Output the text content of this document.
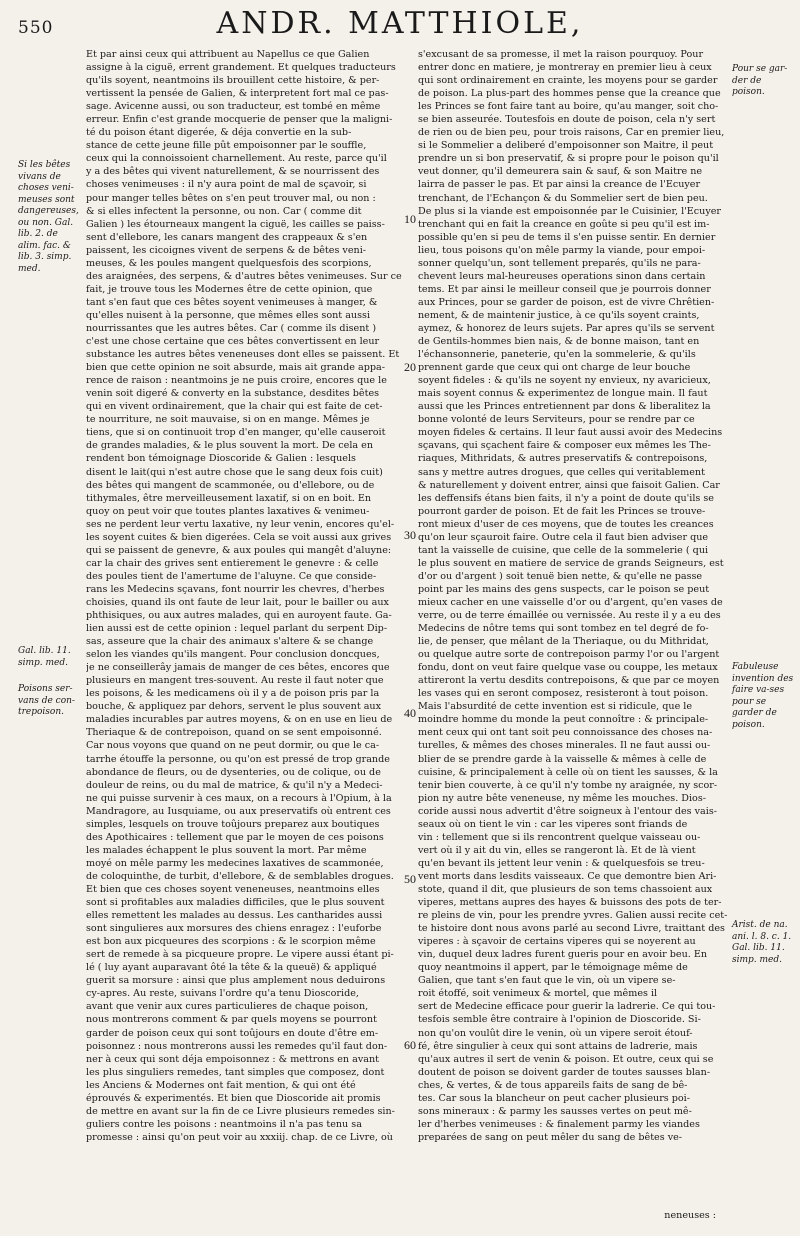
550	ANDR. MATTHIOLE,
Si les bêtes vivans de choses veni-meuses sont dangereuses, ou non. Gal. lib. 2. de alim. fac. & lib. 3. simp. med.
Gal. lib. 11. simp. med.
Poisons ser-vans de con-trepoison.
Pour se gar-der de poison.
Fabuleuse invention des faire va-ses pour se garder de poison.
Arist. de na. ani. l. 8. c. 1. Gal. lib. 11. simp. med.
10
20
30
40
50
60

Et par ainsi ceux qui attribuent au Napellus ce que Galien
assigne à la ciguë, errent grandement. Et quelques traducteurs
qu'ils soyent, neantmoins ils brouillent cette histoire, & per-
vertissent la pensée de Galien, & interpretent fort mal ce pas-
sage. Avicenne aussi, ou son traducteur, est tombé en même
erreur. Enfin c'est grande mocquerie de penser que la maligni-
té du poison étant digerée, & déja convertie en la sub-
stance de cette jeune fille pût empoisonner par le souffle,
ceux qui la connoissoient charnellement. Au reste, parce qu'il
y a des bêtes qui vivent naturellement, & se nourrissent des
choses venimeuses : il n'y aura point de mal de sçavoir, si
pour manger telles bêtes on s'en peut trouver mal, ou non :
& si elles infectent la personne, ou non. Car ( comme dit
Galien ) les étourneaux mangent la ciguë, les cailles se paiss-
sent d'ellebore, les canars mangent des crappeaux & s'en
paissent, les cicoignes vivent de serpens & de bêtes veni-
meuses, & les poules mangent quelquesfois des scorpions,
des araignées, des serpens, & d'autres bêtes venimeuses. Sur ce
fait, je trouve tous les Modernes être de cette opinion, que
tant s'en faut que ces bêtes soyent venimeuses à manger, &
qu'elles nuisent à la personne, que mêmes elles sont aussi
nourrissantes que les autres bêtes. Car ( comme ils disent )
c'est une chose certaine que ces bêtes convertissent en leur
substance les autres bêtes veneneuses dont elles se paissent. Et
bien que cette opinion ne soit absurde, mais ait grande appa-
rence de raison : neantmoins je ne puis croire, encores que le
venin soit digeré & converty en la substance, desdites bêtes
qui en vivent ordinairement, que la chair qui est faite de cet-
te nourriture, ne soit mauvaise, si on en mange. Mêmes je
tiens, que si on continuoit trop d'en manger, qu'elle causeroit
de grandes maladies, & le plus souvent la mort. De cela en
rendent bon témoignage Dioscoride & Galien : lesquels
disent le lait(qui n'est autre chose que le sang deux fois cuit)
des bêtes qui mangent de scammonée, ou d'ellebore, ou de
tithymales, être merveilleusement laxatif, si on en boit. En
quoy on peut voir que toutes plantes laxatives & venimeu-
ses ne perdent leur vertu laxative, ny leur venin, encores qu'el-
les soyent cuites & bien digerées. Cela se voit aussi aux grives
qui se paissent de genevre, & aux poules qui mangêt d'aluyne:
car la chair des grives sent entierement le genevre : & celle
des poules tient de l'amertume de l'aluyne. Ce que conside-
rans les Medecins sçavans, font nourrir les chevres, d'herbes
choisies, quand ils ont faute de leur lait, pour le bailler ou aux
phthisiques, ou aux autres malades, qui en auroyent faute. Ga-
lien aussi est de cette opinion : lequel parlant du serpent Dip-
sas, asseure que la chair des animaux s'altere & se change
selon les viandes qu'ils mangent. Pour conclusion doncques,
je ne conseillerây jamais de manger de ces bêtes, encores que
plusieurs en mangent tres-souvent. Au reste il faut noter que
les poisons, & les medicamens où il y a de poison pris par la
bouche, & appliquez par dehors, servent le plus souvent aux
maladies incurables par autres moyens, & on en use en lieu de
Theriaque & de contrepoison, quand on se sent empoisonné.
Car nous voyons que quand on ne peut dormir, ou que le ca-
tarrhe étouffe la personne, ou qu'on est pressé de trop grande
abondance de fleurs, ou de dysenteries, ou de colique, ou de
douleur de reins, ou du mal de matrice, & qu'il n'y a Medeci-
ne qui puisse survenir à ces maux, on a recours à l'Opium, à la
Mandragore, au Iusquiame, ou aux preservatifs où entrent ces
simples, lesquels on trouve toûjours preparez aux boutiques
des Apothicaires : tellement que par le moyen de ces poisons
les malades échappent le plus souvent la mort. Par même
moyé on mêle parmy les medecines laxatives de scammonée,
de coloquinthe, de turbit, d'ellebore, & de semblables drogues.
Et bien que ces choses soyent veneneuses, neantmoins elles
sont si profitables aux maladies difficiles, que le plus souvent
elles remettent les malades au dessus. Les cantharides aussi
sont singulieres aux morsures des chiens enragez : l'euforbe
est bon aux picqueures des scorpions : & le scorpion même
sert de remede à sa picqueure propre. Le vipere aussi étant pi-
lé ( luy ayant auparavant ôté la tête & la queuë) & appliqué
guerit sa morsure : ainsi que plus amplement nous deduirons
cy-apres. Au reste, suivans l'ordre qu'a tenu Dioscoride,
avant que venir aux cures particulieres de chaque poison,
nous montrerons comment & par quels moyens se pourront
garder de poison ceux qui sont toûjours en doute d'être em-
poisonnez : nous montrerons aussi les remedes qu'il faut don-
ner à ceux qui sont déja empoisonnez : & mettrons en avant
les plus singuliers remedes, tant simples que composez, dont
les Anciens & Modernes ont fait mention, & qui ont été
éprouvés & experimentés. Et bien que Dioscoride ait promis
de mettre en avant sur la fin de ce Livre plusieurs remedes sin-
guliers contre les poisons : neantmoins il n'a pas tenu sa
promesse : ainsi qu'on peut voir au xxxiij. chap. de ce Livre, où

s'excusant de sa promesse, il met la raison pourquoy. Pour
entrer donc en matiere, je montreray en premier lieu à ceux
qui sont ordinairement en crainte, les moyens pour se garder
de poison. La plus-part des hommes pense que la creance que
les Princes se font faire tant au boire, qu'au manger, soit cho-
se bien asseurée. Toutesfois en doute de poison, cela n'y sert
de rien ou de bien peu, pour trois raisons, Car en premier lieu,
si le Sommelier a deliberé d'empoisonner son Maitre, il peut
prendre un si bon preservatif, & si propre pour le poison qu'il
veut donner, qu'il demeurera sain & sauf, & son Maitre ne
lairra de passer le pas. Et par ainsi la creance de l'Ecuyer
trenchant, de l'Echançon & du Sommelier sert de bien peu.
De plus si la viande est empoisonnée par le Cuisinier, l'Ecuyer
trenchant qui en fait la creance en goûte si peu qu'il est im-
possible qu'en si peu de tems il s'en puisse sentir. En dernier
lieu, tous poisons qu'on mêle parmy la viande, pour empoi-
sonner quelqu'un, sont tellement preparés, qu'ils ne para-
chevent leurs mal-heureuses operations sinon dans certain
tems. Et par ainsi le meilleur conseil que je pourrois donner
aux Princes, pour se garder de poison, est de vivre Chrêtien-
nement, & de maintenir justice, à ce qu'ils soyent craints,
aymez, & honorez de leurs sujets. Par apres qu'ils se servent
de Gentils-hommes bien nais, & de bonne maison, tant en
l'échansonnerie, paneterie, qu'en la sommelerie, & qu'ils
prennent garde que ceux qui ont charge de leur bouche
soyent fideles : & qu'ils ne soyent ny envieux, ny avaricieux,
mais soyent connus & experimentez de longue main. Il faut
aussi que les Princes entretiennent par dons & liberalitez la
bonne volonté de leurs Serviteurs, pour se rendre par ce
moyen fideles & certains. Il leur faut aussi avoir des Medecins
sçavans, qui sçachent faire & composer eux mêmes les The-
riaques, Mithridats, & autres preservatifs & contrepoisons,
sans y mettre autres drogues, que celles qui veritablement
& naturellement y doivent entrer, ainsi que faisoit Galien. Car
les deffensifs étans bien faits, il n'y a point de doute qu'ils se
pourront garder de poison. Et de fait les Princes se trouve-
ront mieux d'user de ces moyens, que de toutes les creances
qu'on leur sçauroit faire. Outre cela il faut bien adviser que
tant la vaisselle de cuisine, que celle de la sommelerie ( qui
le plus souvent en matiere de service de grands Seigneurs, est
d'or ou d'argent ) soit tenuë bien nette, & qu'elle ne passe
point par les mains des gens suspects, car le poison se peut
mieux cacher en une vaisselle d'or ou d'argent, qu'en vases de
verre, ou de terre émaillée ou vernissée. Au reste il y a eu des
Medecins de nôtre tems qui sont tombez en tel degré de fo-
lie, de penser, que mêlant de la Theriaque, ou du Mithridat,
ou quelque autre sorte de contrepoison parmy l'or ou l'argent
fondu, dont on veut faire quelque vase ou couppe, les metaux
attireront la vertu desdits contrepoisons, & que par ce moyen
les vases qui en seront composez, resisteront à tout poison.
Mais l'absurdité de cette invention est si ridicule, que le
moindre homme du monde la peut connoître : & principale-
ment ceux qui ont tant soit peu connoissance des choses na-
turelles, & mêmes des choses minerales. Il ne faut aussi ou-
blier de se prendre garde à la vaisselle & mêmes à celle de
cuisine, & principalement à celle où on tient les sausses, & la
tenir bien couverte, à ce qu'il n'y tombe ny araignée, ny scor-
pion ny autre bête veneneuse, ny même les mouches. Dios-
coride aussi nous advertit d'être soigneux à l'entour des vais-
seaux où on tient le vin : car les viperes sont friands de
vin : tellement que si ils rencontrent quelque vaisseau ou-
vert où il y ait du vin, elles se rangeront là. Et de là vient
qu'en bevant ils jettent leur venin : & quelquesfois se treu-
vent morts dans lesdits vaisseaux. Ce que demontre bien Ari-
stote, quand il dit, que plusieurs de son tems chassoient aux
viperes, mettans aupres des hayes & buissons des pots de ter-
re pleins de vin, pour les prendre yvres. Galien aussi recite cet-
te histoire dont nous avons parlé au second Livre, traittant des
viperes : à sçavoir de certains viperes qui se noyerent au
vin, duquel deux ladres furent gueris pour en avoir beu. En
quoy neantmoins il appert, par le témoignage même de
Galien, que tant s'en faut que le vin, où un vipere se-
roit étoffé, soit venimeux & mortel, que mêmes il
sert de Medecine efficace pour guerir la ladrerie. Ce qui tou-
tesfois semble être contraire à l'opinion de Dioscoride. Si-
non qu'on voulût dire le venin, où un vipere seroit étouf-
fé, être singulier à ceux qui sont attains de ladrerie, mais
qu'aux autres il sert de venin & poison. Et outre, ceux qui se
doutent de poison se doivent garder de toutes sausses blan-
ches, & vertes, & de tous appareils faits de sang de bê-
tes. Car sous la blancheur on peut cacher plusieurs poi-
sons mineraux : & parmy les sausses vertes on peut mê-
ler d'herbes venimeuses : & finalement parmy les viandes
preparées de sang on peut mêler du sang de bêtes ve-

neneuses :
